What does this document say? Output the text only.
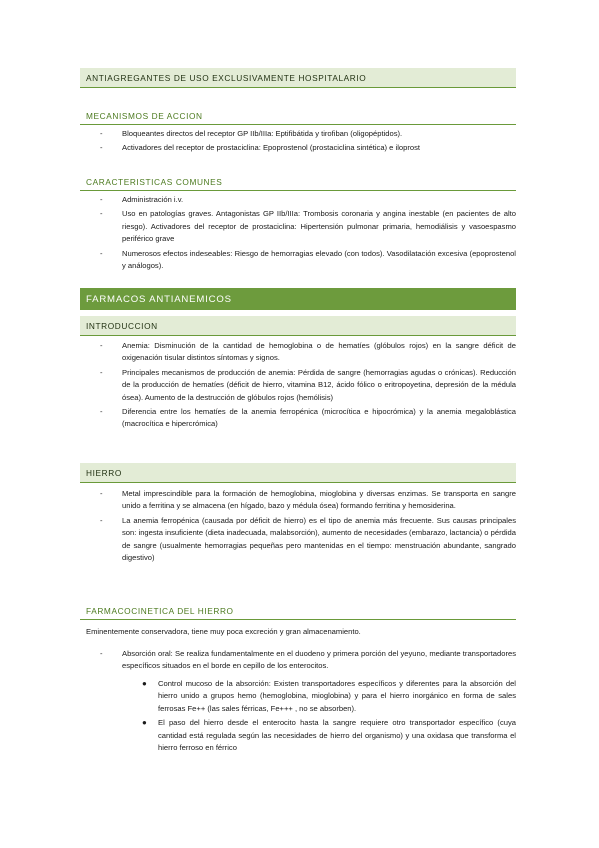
ANTIAGREGANTES DE USO EXCLUSIVAMENTE HOSPITALARIO
MECANISMOS DE ACCION
-	Bloqueantes directos del receptor GP IIb/IIIa: Eptifibátida y tirofiban (oligopéptidos).
-	Activadores del receptor de prostaciclina: Epoprostenol (prostaciclina sintética) e iloprost
CARACTERISTICAS COMUNES
-	Administración i.v.
-	Uso en patologías graves. Antagonistas GP IIb/IIIa: Trombosis coronaria y angina inestable (en pacientes de alto riesgo). Activadores del receptor de prostaciclina: Hipertensión pulmonar primaria, hemodiálisis y vasoespasmo periférico grave
-	Numerosos efectos indeseables: Riesgo de hemorragias elevado (con todos). Vasodilatación excesiva (epoprostenol y análogos).
FARMACOS ANTIANEMICOS
INTRODUCCION
-	Anemia: Disminución de la cantidad de hemoglobina o de hematíes (glóbulos rojos) en la sangre déficit de oxigenación tisular distintos síntomas y signos.
-	Principales mecanismos de producción de anemia: Pérdida de sangre (hemorragias agudas o crónicas). Reducción de la producción de hematíes (déficit de hierro, vitamina B12, ácido fólico o eritropoyetina, depresión de la médula ósea). Aumento de la destrucción de glóbulos rojos (hemólisis)
-	Diferencia entre los hematíes de la anemia ferropénica (microcítica e hipocrómica) y la anemia megaloblástica (macrocítica e hipercrómica)
HIERRO
-	Metal imprescindible para la formación de hemoglobina, mioglobina y diversas enzimas. Se transporta en sangre unido a ferritina y se almacena (en hígado, bazo y médula ósea) formando ferritina y hemosiderina.
-	La anemia ferropénica (causada por déficit de hierro) es el tipo de anemia más frecuente. Sus causas principales son: ingesta insuficiente (dieta inadecuada, malabsorción), aumento de necesidades (embarazo, lactancia) o pérdida de sangre (usualmente hemorragias pequeñas pero mantenidas en el tiempo: menstruación abundante, sangrado digestivo)
FARMACOCINETICA DEL HIERRO
Eminentemente conservadora, tiene muy poca excreción y gran almacenamiento.
-	Absorción oral: Se realiza fundamentalmente en el duodeno y primera porción del yeyuno, mediante transportadores específicos situados en el borde en cepillo de los enterocitos.
● Control mucoso de la absorción: Existen transportadores específicos y diferentes para la absorción del hierro unido a grupos hemo (hemoglobina, mioglobina) y para el hierro inorgánico en forma de sales ferrosas Fe++ (las sales férricas, Fe+++ , no se absorben).
● El paso del hierro desde el enterocito hasta la sangre requiere otro transportador específico (cuya cantidad está regulada según las necesidades de hierro del organismo) y una oxidasa que transforma el hierro ferroso en férrico
